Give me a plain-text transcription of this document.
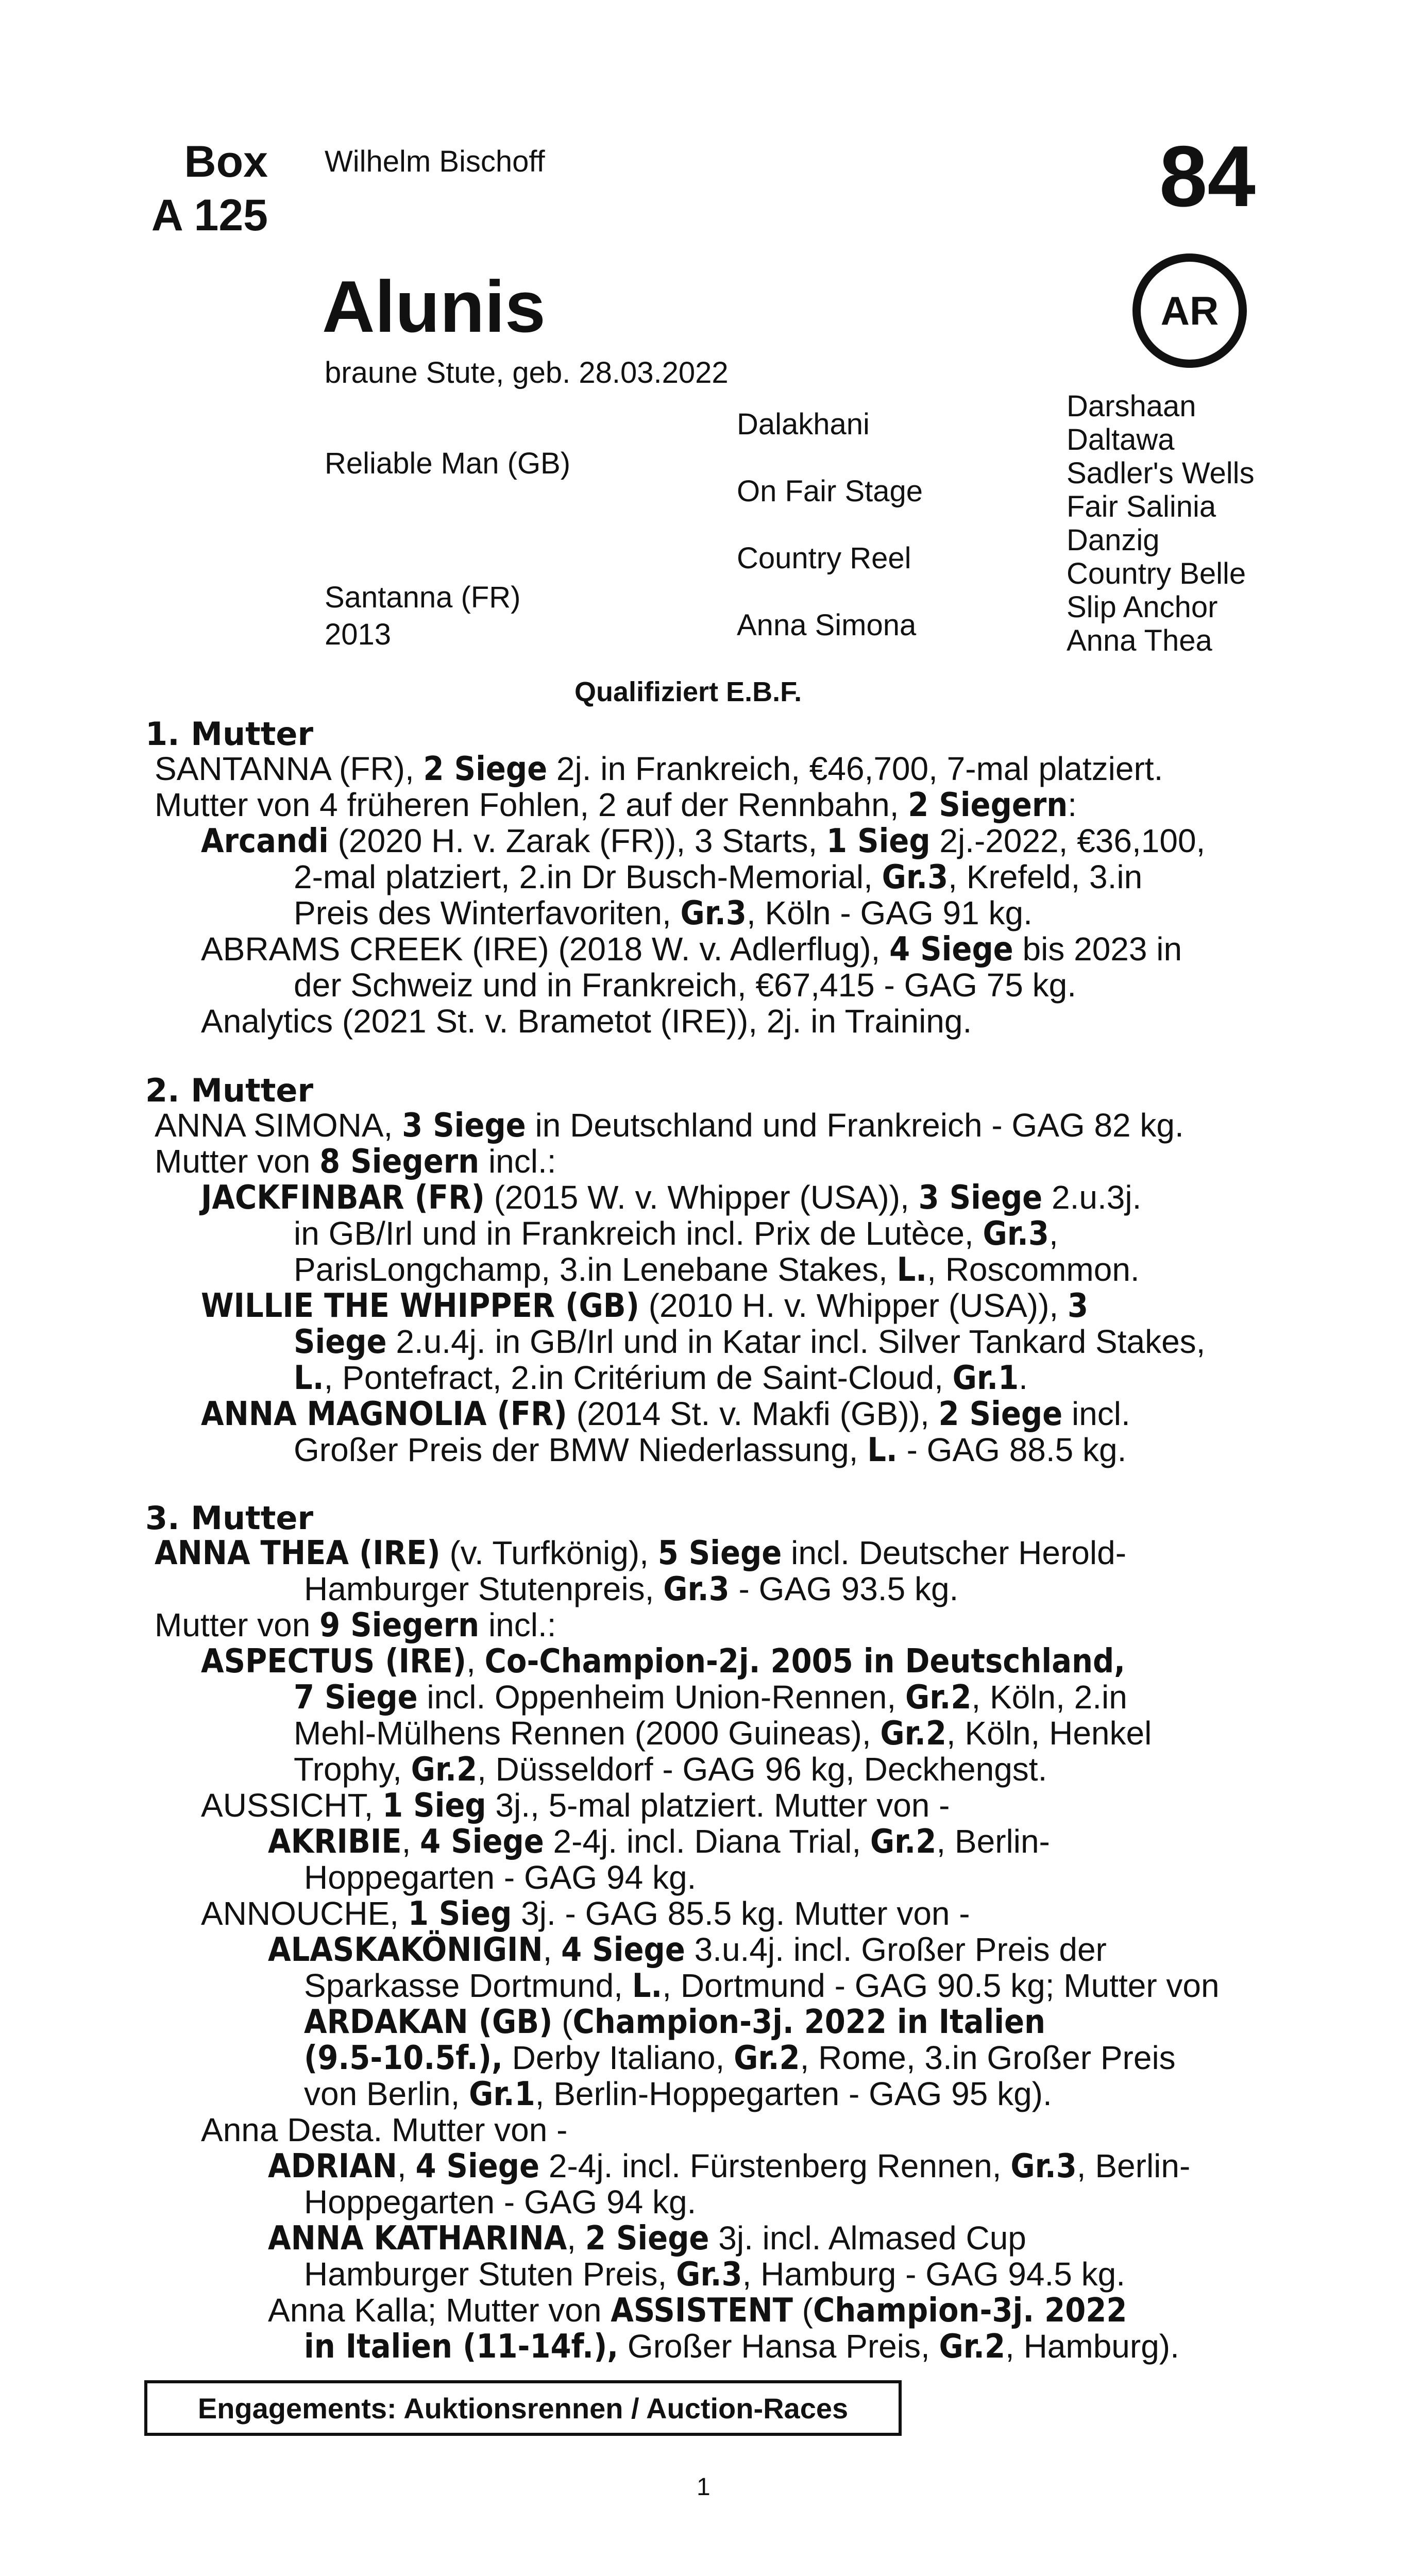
Box
A 125
Wilhelm Bischoff	84
AR
Alunis
braune Stute, geb. 28.03.2022
Reliable Man (GB)
Santanna (FR)
2013
Dalakhani
On Fair Stage
Country Reel
Anna Simona
Darshaan
Daltawa
Sadler's Wells
Fair Salinia
Danzig
Country Belle
Slip Anchor
Anna Thea
Qualifiziert E.B.F.
1. Mutter
SANTANNA (FR), 2 Siege 2j. in Frankreich, €46,700, 7-mal platziert.
Mutter von 4 früheren Fohlen, 2 auf der Rennbahn, 2 Siegern:
Arcandi (2020 H. v. Zarak (FR)), 3 Starts, 1 Sieg 2j.-2022, €36,100,
2-mal platziert, 2.in Dr Busch-Memorial, Gr.3, Krefeld, 3.in
Preis des Winterfavoriten, Gr.3, Köln - GAG 91 kg.
ABRAMS CREEK (IRE) (2018 W. v. Adlerflug), 4 Siege bis 2023 in
der Schweiz und in Frankreich, €67,415 - GAG 75 kg.
Analytics (2021 St. v. Brametot (IRE)), 2j. in Training.
2. Mutter
ANNA SIMONA, 3 Siege in Deutschland und Frankreich - GAG 82 kg.
Mutter von 8 Siegern incl.:
JACKFINBAR (FR) (2015 W. v. Whipper (USA)), 3 Siege 2.u.3j.
in GB/Irl und in Frankreich incl. Prix de Lutèce, Gr.3,
ParisLongchamp, 3.in Lenebane Stakes, L., Roscommon.
WILLIE THE WHIPPER (GB) (2010 H. v. Whipper (USA)), 3
Siege 2.u.4j. in GB/Irl und in Katar incl. Silver Tankard Stakes,
L., Pontefract, 2.in Critérium de Saint-Cloud, Gr.1.
ANNA MAGNOLIA (FR) (2014 St. v. Makfi (GB)), 2 Siege incl.
Großer Preis der BMW Niederlassung, L. - GAG 88.5 kg.
3. Mutter
ANNA THEA (IRE) (v. Turfkönig), 5 Siege incl. Deutscher Herold-
Hamburger Stutenpreis, Gr.3 - GAG 93.5 kg.
Mutter von 9 Siegern incl.:
ASPECTUS (IRE), Co-Champion-2j. 2005 in Deutschland,
7 Siege incl. Oppenheim Union-Rennen, Gr.2, Köln, 2.in
Mehl-Mülhens Rennen (2000 Guineas), Gr.2, Köln, Henkel
Trophy, Gr.2, Düsseldorf - GAG 96 kg, Deckhengst.
AUSSICHT, 1 Sieg 3j., 5-mal platziert. Mutter von -
AKRIBIE, 4 Siege 2-4j. incl. Diana Trial, Gr.2, Berlin-
Hoppegarten - GAG 94 kg.
ANNOUCHE, 1 Sieg 3j. - GAG 85.5 kg. Mutter von -
ALASKAKÖNIGIN, 4 Siege 3.u.4j. incl. Großer Preis der
Sparkasse Dortmund, L., Dortmund - GAG 90.5 kg; Mutter von
ARDAKAN (GB) (Champion-3j. 2022 in Italien
(9.5-10.5f.), Derby Italiano, Gr.2, Rome, 3.in Großer Preis
von Berlin, Gr.1, Berlin-Hoppegarten - GAG 95 kg).
Anna Desta. Mutter von -
ADRIAN, 4 Siege 2-4j. incl. Fürstenberg Rennen, Gr.3, Berlin-
Hoppegarten - GAG 94 kg.
ANNA KATHARINA, 2 Siege 3j. incl. Almased Cup
Hamburger Stuten Preis, Gr.3, Hamburg - GAG 94.5 kg.
Anna Kalla; Mutter von ASSISTENT (Champion-3j. 2022
in Italien (11-14f.), Großer Hansa Preis, Gr.2, Hamburg).
Engagements: Auktionsrennen / Auction-Races
1
